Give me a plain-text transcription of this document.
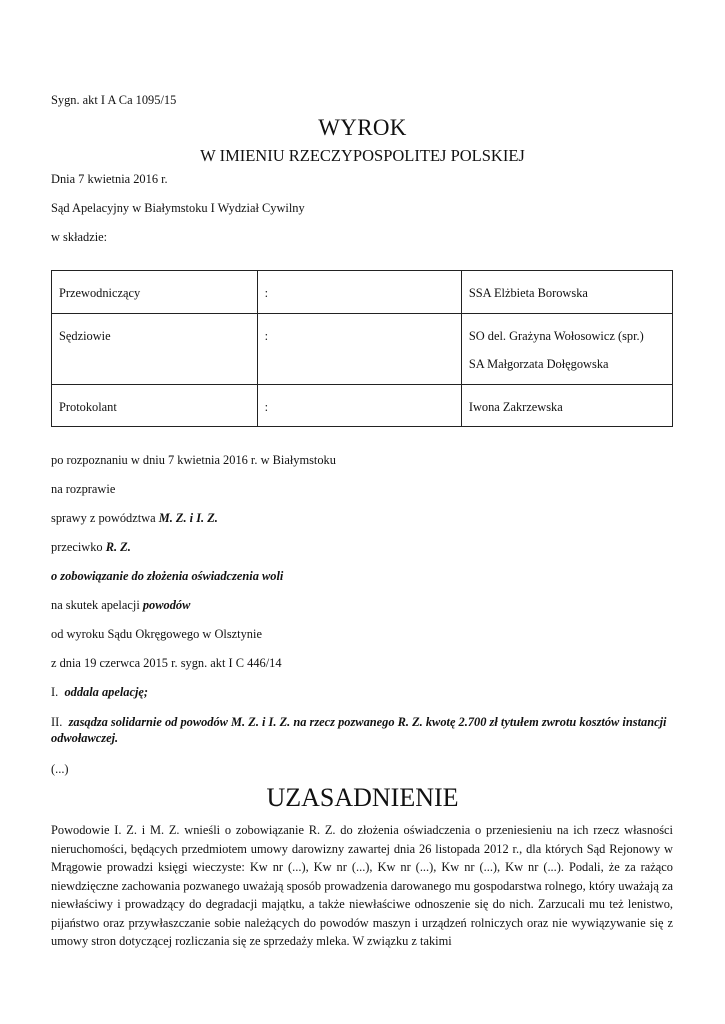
Sygn. akt I A Ca 1095/15
WYROK
W IMIENIU RZECZYPOSPOLITEJ POLSKIEJ
Dnia 7 kwietnia 2016 r.
Sąd Apelacyjny w Białymstoku I Wydział Cywilny
w składzie:
Przewodniczący	:	SSA Elżbieta Borowska

Sędziowie	:	SO del. Grażyna Wołosowicz (spr.)
SA Małgorzata Dołęgowska

Protokolant	:	Iwona Zakrzewska
po rozpoznaniu w dniu 7 kwietnia 2016 r. w Białymstoku
na rozprawie
sprawy z powództwa M. Z. i I. Z.
przeciwko R. Z.
o zobowiązanie do złożenia oświadczenia woli
na skutek apelacji powodów
od wyroku Sądu Okręgowego w Olsztynie
z dnia 19 czerwca 2015 r. sygn. akt I C 446/14
I. oddala apelację;
II. zasądza solidarnie od powodów M. Z. i I. Z. na rzecz pozwanego R. Z. kwotę 2.700 zł tytułem zwrotu kosztów instancji odwoławczej.
(...)
UZASADNIENIE
Powodowie I. Z. i M. Z. wnieśli o zobowiązanie R. Z. do złożenia oświadczenia o przeniesieniu na ich rzecz własności nieruchomości, będących przedmiotem umowy darowizny zawartej dnia 26 listopada 2012 r., dla których Sąd Rejonowy w Mrągowie prowadzi księgi wieczyste: Kw nr (...), Kw nr (...), Kw nr (...), Kw nr (...), Kw nr (...). Podali, że za rażąco niewdzięczne zachowania pozwanego uważają sposób prowadzenia darowanego mu gospodarstwa rolnego, który uważają za niewłaściwy i prowadzący do degradacji majątku, a także niewłaściwe odnoszenie się do nich. Zarzucali mu też lenistwo, pijaństwo oraz przywłaszczanie sobie należących do powodów maszyn i urządzeń rolniczych oraz nie wywiązywanie się z umowy stron dotyczącej rozliczania się ze sprzedaży mleka. W związku z takimi
